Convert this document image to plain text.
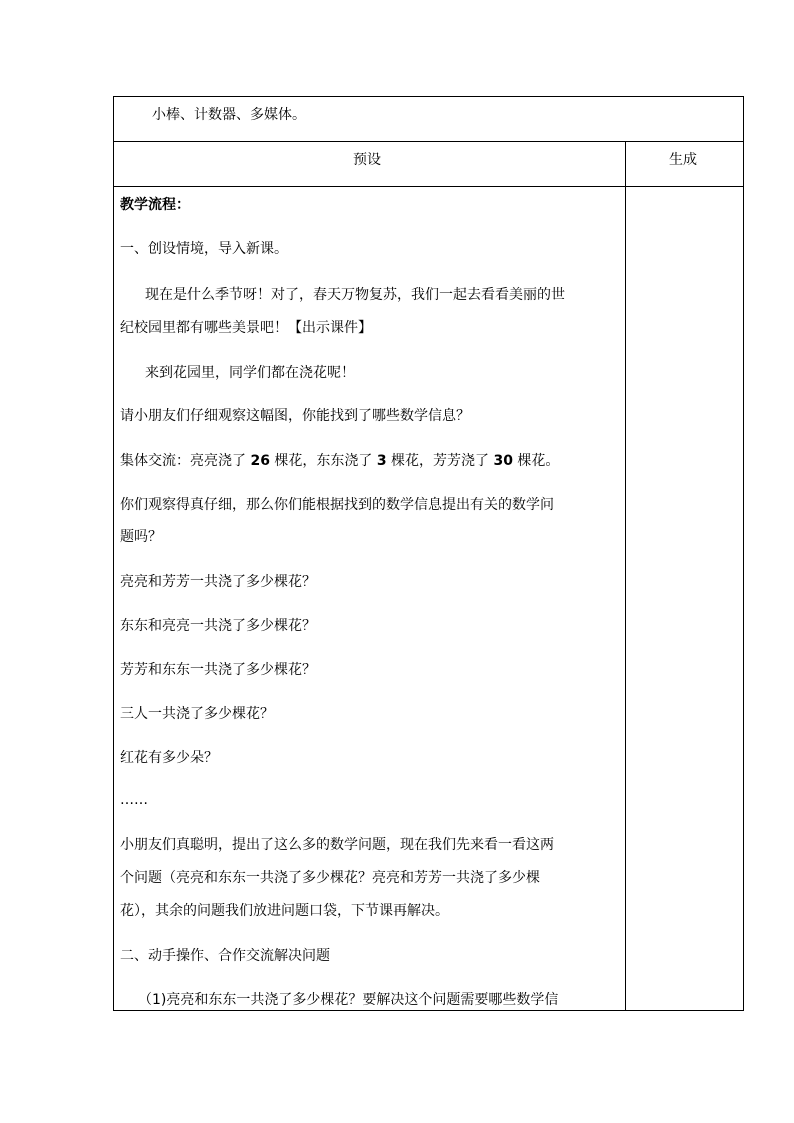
小棒、计数器、多媒体。
预设	生成
教学流程：
一、创设情境，导入新课。
现在是什么季节呀！对了，春天万物复苏，我们一起去看看美丽的世
纪校园里都有哪些美景吧！【出示课件】
来到花园里，同学们都在浇花呢！
请小朋友们仔细观察这幅图，你能找到了哪些数学信息？
集体交流：亮亮浇了 26 棵花，东东浇了 3 棵花，芳芳浇了 30 棵花。
你们观察得真仔细，那么你们能根据找到的数学信息提出有关的数学问
题吗？
亮亮和芳芳一共浇了多少棵花？
东东和亮亮一共浇了多少棵花？
芳芳和东东一共浇了多少棵花？
三人一共浇了多少棵花？
红花有多少朵？
……
小朋友们真聪明，提出了这么多的数学问题，现在我们先来看一看这两
个问题（亮亮和东东一共浇了多少棵花？亮亮和芳芳一共浇了多少棵
花），其余的问题我们放进问题口袋，下节课再解决。
二、动手操作、合作交流解决问题
（1)亮亮和东东一共浇了多少棵花？要解决这个问题需要哪些数学信
